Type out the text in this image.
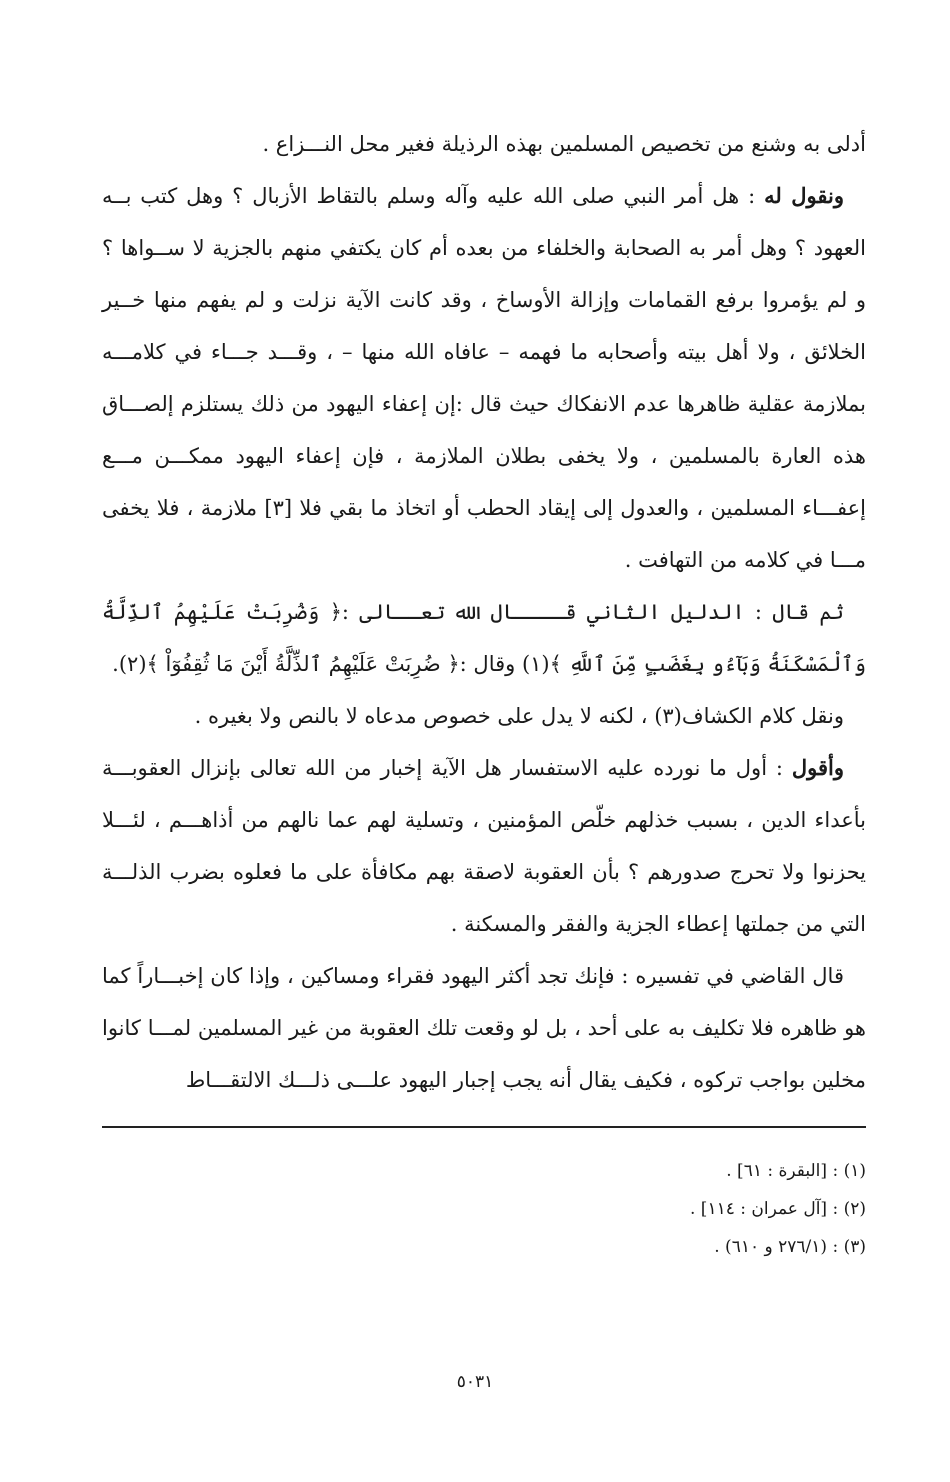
أدلى به وشنع من تخصيص المسلمين بهذه الرذيلة فغير محل النـــزاع .

ونقول له : هل أمر النبي صلى الله عليه وآله وسلم بالتقاط الأزبال ؟ وهل كتب بــه العهود ؟ وهل أمر به الصحابة والخلفاء من بعده أم كان يكتفي منهم بالجزية لا ســواها ؟ و لم يؤمروا برفع القمامات وإزالة الأوساخ ، وقد كانت الآية نزلت و لم يفهم منها خــير الخلائق ، ولا أهل بيته وأصحابه ما فهمه – عافاه الله منها – ، وقـــد جـــاء في كلامـــه بملازمة عقلية ظاهرها عدم الانفكاك حيث قال :إن إعفاء اليهود من ذلك يستلزم إلصـــاق هذه العارة بالمسلمين ، ولا يخفى بطلان الملازمة ، فإن إعفاء اليهود ممكـــن مـــع إعفـــاء المسلمين ، والعدول إلى إيقاد الحطب أو اتخاذ ما بقي فلا [٣] ملازمة ، فلا يخفى مـــا في كلامه من التهافت .

ثم قال : الدليل الثاني قــــال الله تعــالى :﴿ وَضُرِبَتْ عَلَيْهِمُ ٱلذِّلَّةُ وَٱلْمَسْكَنَةُ وَبَآءُو بِغَضَبٍ مِّنَ ٱللَّهِ ﴾(١) وقال :﴿ ضُرِبَتْ عَلَيْهِمُ ٱلذِّلَّةُ أَيْنَ مَا ثُقِفُوٓاْ ﴾(٢).

ونقل كلام الكشاف(٣) ، لكنه لا يدل على خصوص مدعاه لا بالنص ولا بغيره .

وأقول : أول ما نورده عليه الاستفسار هل الآية إخبار من الله تعالى بإنزال العقوبـــة بأعداء الدين ، بسبب خذلهم خلّص المؤمنين ، وتسلية لهم عما نالهم من أذاهـــم ، لئـــلا يحزنوا ولا تحرج صدورهم ؟ بأن العقوبة لاصقة بهم مكافأة على ما فعلوه بضرب الذلـــة التي من جملتها إعطاء الجزية والفقر والمسكنة .

قال القاضي في تفسيره : فإنك تجد أكثر اليهود فقراء ومساكين ، وإذا كان إخبـــاراً كما هو ظاهره فلا تكليف به على أحد ، بل لو وقعت تلك العقوبة من غير المسلمين لمـــا كانوا مخلين بواجب تركوه ، فكيف يقال أنه يجب إجبار اليهود علـــى ذلـــك الالتقـــاط

(١) : [البقرة : ٦١] .

(٢) : [آل عمران : ١١٤] .

(٣) : (٢٧٦/١ و ٦١٠) .

٥٠٣١
